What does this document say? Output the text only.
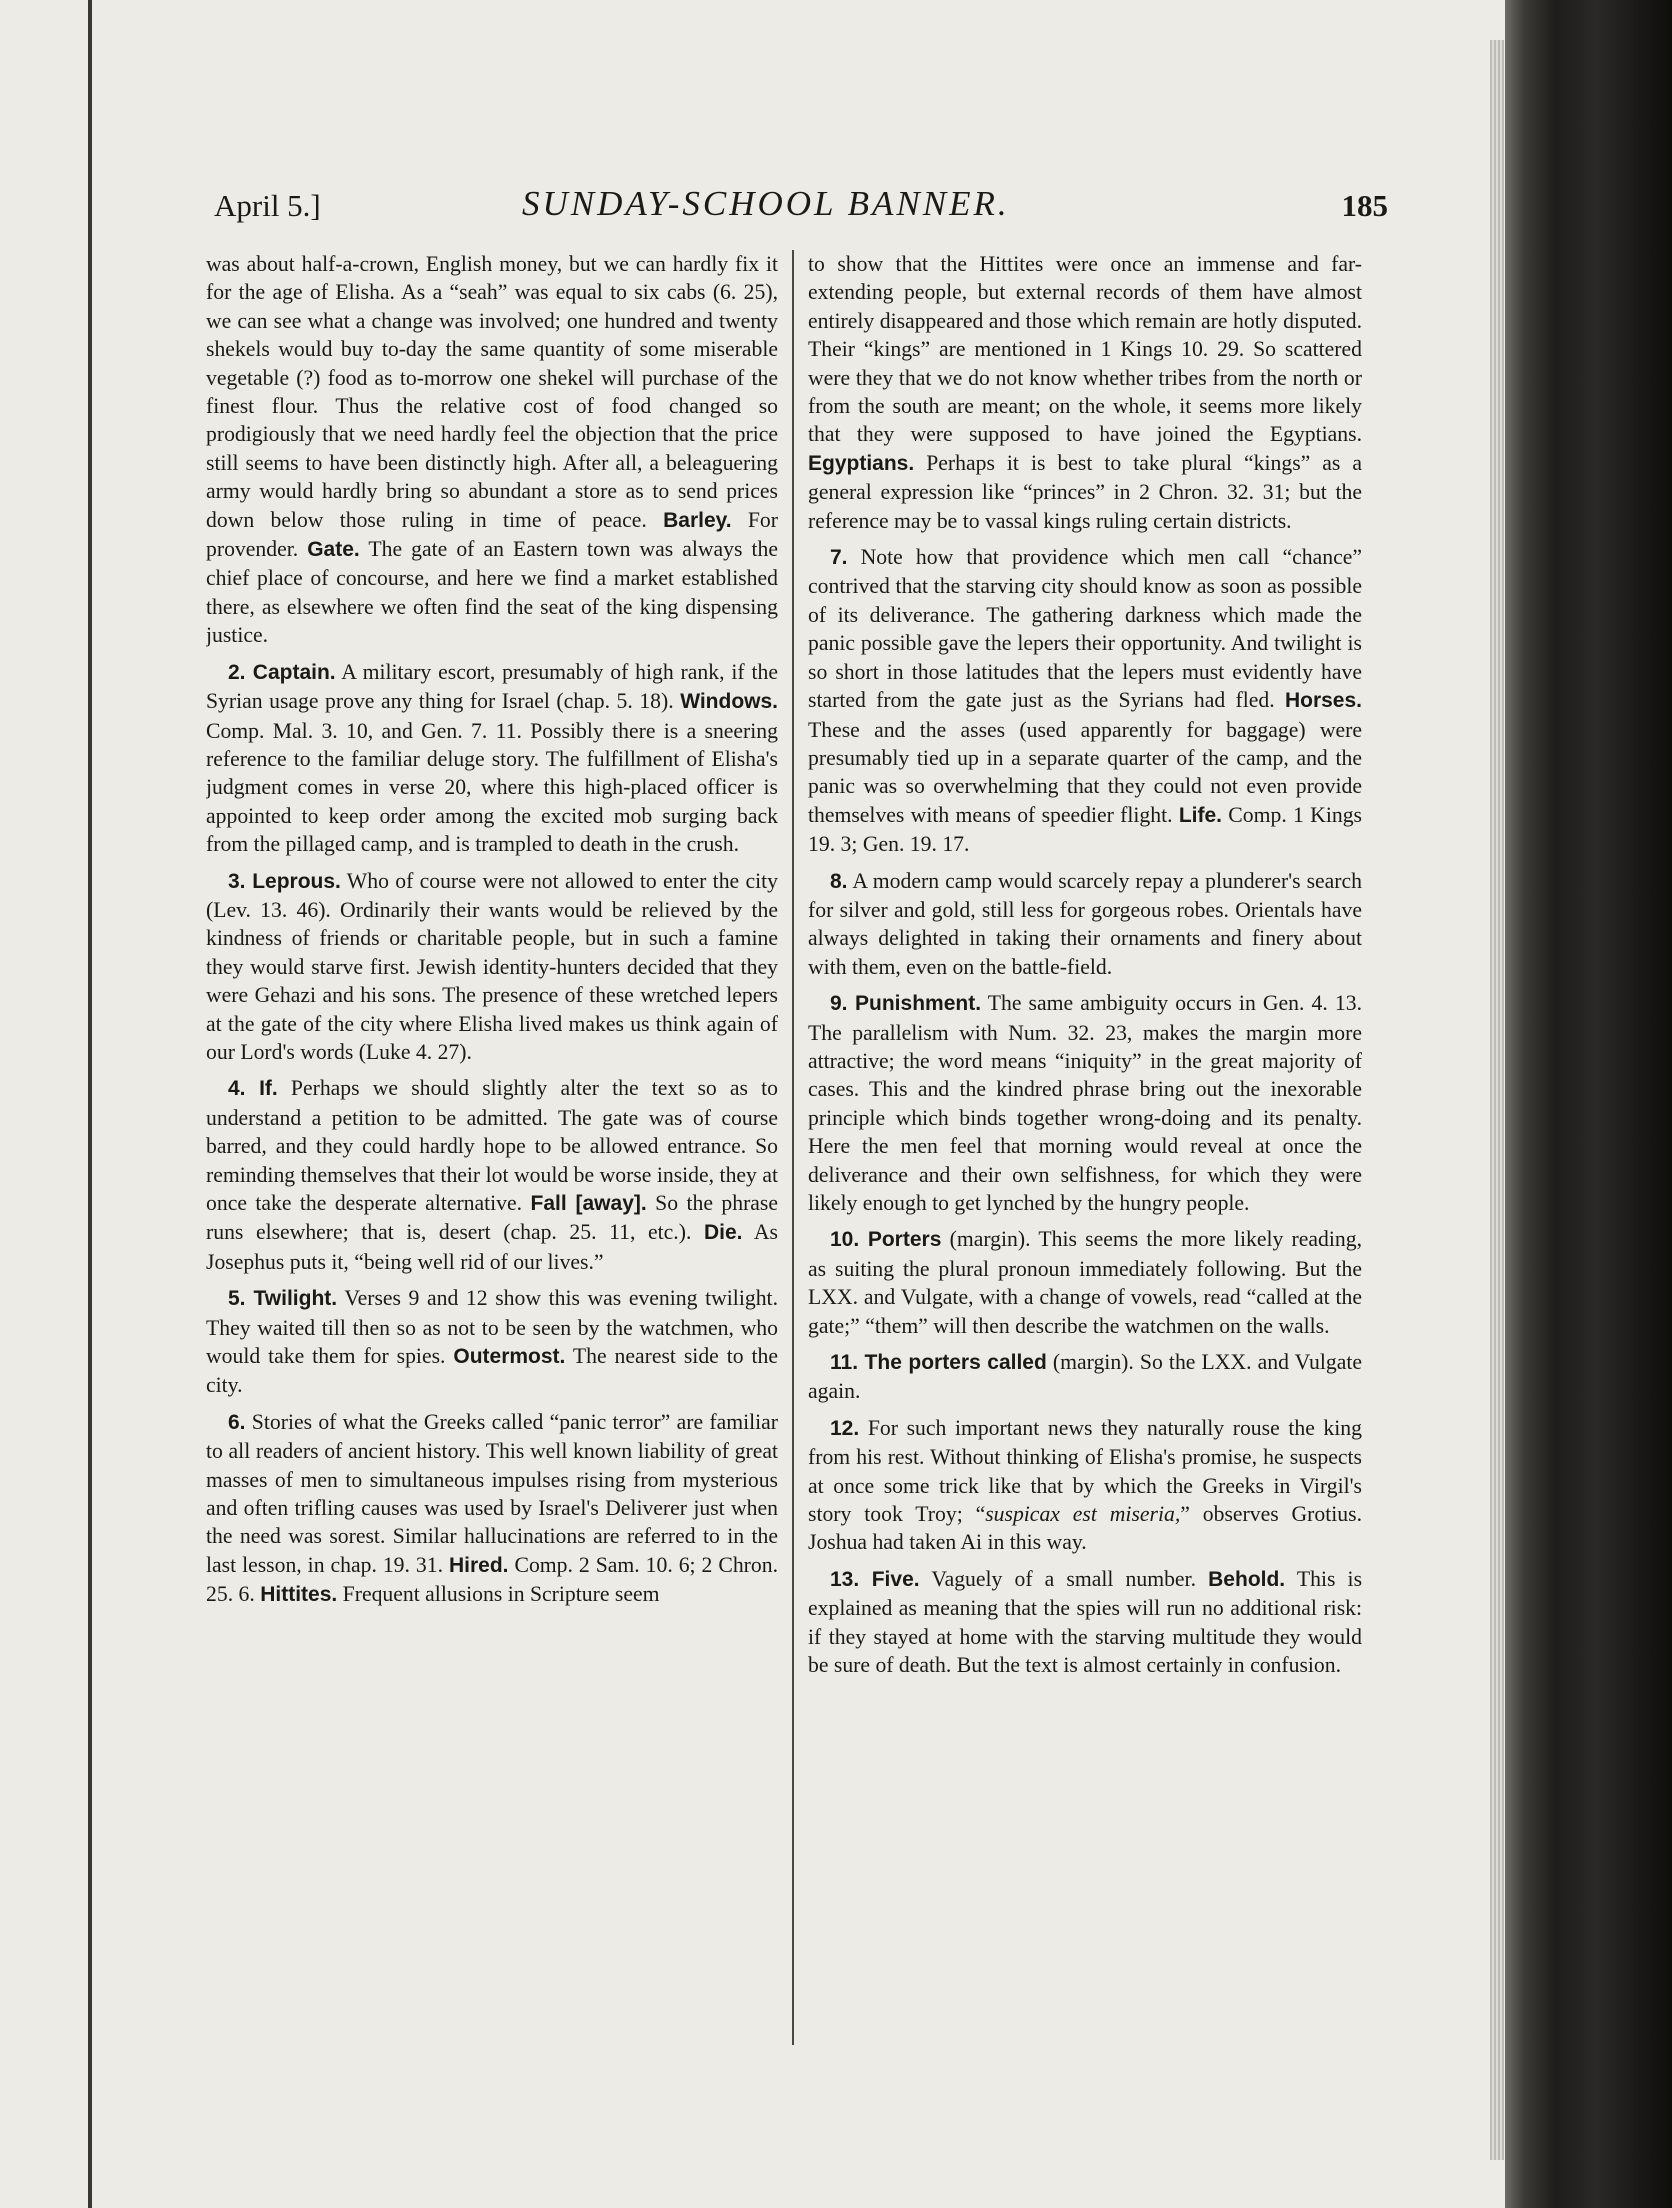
April 5.]	SUNDAY-SCHOOL BANNER.	185

was about half-a-crown, English money, but we can hardly fix it for the age of Elisha. As a “seah” was equal to six cabs (6. 25), we can see what a change was involved; one hundred and twenty shekels would buy to-day the same quantity of some miserable vegetable (?) food as to-morrow one shekel will purchase of the finest flour. Thus the relative cost of food changed so prodigiously that we need hardly feel the objection that the price still seems to have been distinctly high. After all, a beleaguering army would hardly bring so abundant a store as to send prices down below those ruling in time of peace. Barley. For provender. Gate. The gate of an Eastern town was always the chief place of concourse, and here we find a market established there, as elsewhere we often find the seat of the king dispensing justice.

2. Captain. A military escort, presumably of high rank, if the Syrian usage prove any thing for Israel (chap. 5. 18). Windows. Comp. Mal. 3. 10, and Gen. 7. 11. Possibly there is a sneering reference to the familiar deluge story. The fulfillment of Elisha's judgment comes in verse 20, where this high-placed officer is appointed to keep order among the excited mob surging back from the pillaged camp, and is trampled to death in the crush.

3. Leprous. Who of course were not allowed to enter the city (Lev. 13. 46). Ordinarily their wants would be relieved by the kindness of friends or charitable people, but in such a famine they would starve first. Jewish identity-hunters decided that they were Gehazi and his sons. The presence of these wretched lepers at the gate of the city where Elisha lived makes us think again of our Lord's words (Luke 4. 27).

4. If. Perhaps we should slightly alter the text so as to understand a petition to be admitted. The gate was of course barred, and they could hardly hope to be allowed entrance. So reminding themselves that their lot would be worse inside, they at once take the desperate alternative. Fall [away]. So the phrase runs elsewhere; that is, desert (chap. 25. 11, etc.). Die. As Josephus puts it, “being well rid of our lives.”

5. Twilight. Verses 9 and 12 show this was evening twilight. They waited till then so as not to be seen by the watchmen, who would take them for spies. Outermost. The nearest side to the city.

6. Stories of what the Greeks called “panic terror” are familiar to all readers of ancient history. This well known liability of great masses of men to simultaneous impulses rising from mysterious and often trifling causes was used by Israel's Deliverer just when the need was sorest. Similar hallucinations are referred to in the last lesson, in chap. 19. 31. Hired. Comp. 2 Sam. 10. 6; 2 Chron. 25. 6. Hittites. Frequent allusions in Scripture seem

to show that the Hittites were once an immense and far-extending people, but external records of them have almost entirely disappeared and those which remain are hotly disputed. Their “kings” are mentioned in 1 Kings 10. 29. So scattered were they that we do not know whether tribes from the north or from the south are meant; on the whole, it seems more likely that they were supposed to have joined the Egyptians. Egyptians. Perhaps it is best to take plural “kings” as a general expression like “princes” in 2 Chron. 32. 31; but the reference may be to vassal kings ruling certain districts.

7. Note how that providence which men call “chance” contrived that the starving city should know as soon as possible of its deliverance. The gathering darkness which made the panic possible gave the lepers their opportunity. And twilight is so short in those latitudes that the lepers must evidently have started from the gate just as the Syrians had fled. Horses. These and the asses (used apparently for baggage) were presumably tied up in a separate quarter of the camp, and the panic was so overwhelming that they could not even provide themselves with means of speedier flight. Life. Comp. 1 Kings 19. 3; Gen. 19. 17.

8. A modern camp would scarcely repay a plunderer's search for silver and gold, still less for gorgeous robes. Orientals have always delighted in taking their ornaments and finery about with them, even on the battle-field.

9. Punishment. The same ambiguity occurs in Gen. 4. 13. The parallelism with Num. 32. 23, makes the margin more attractive; the word means “iniquity” in the great majority of cases. This and the kindred phrase bring out the inexorable principle which binds together wrong-doing and its penalty. Here the men feel that morning would reveal at once the deliverance and their own selfishness, for which they were likely enough to get lynched by the hungry people.

10. Porters (margin). This seems the more likely reading, as suiting the plural pronoun immediately following. But the LXX. and Vulgate, with a change of vowels, read “called at the gate;” “them” will then describe the watchmen on the walls.

11. The porters called (margin). So the LXX. and Vulgate again.

12. For such important news they naturally rouse the king from his rest. Without thinking of Elisha's promise, he suspects at once some trick like that by which the Greeks in Virgil's story took Troy; “suspicax est miseria,” observes Grotius. Joshua had taken Ai in this way.

13. Five. Vaguely of a small number. Behold. This is explained as meaning that the spies will run no additional risk: if they stayed at home with the starving multitude they would be sure of death. But the text is almost certainly in confusion.
